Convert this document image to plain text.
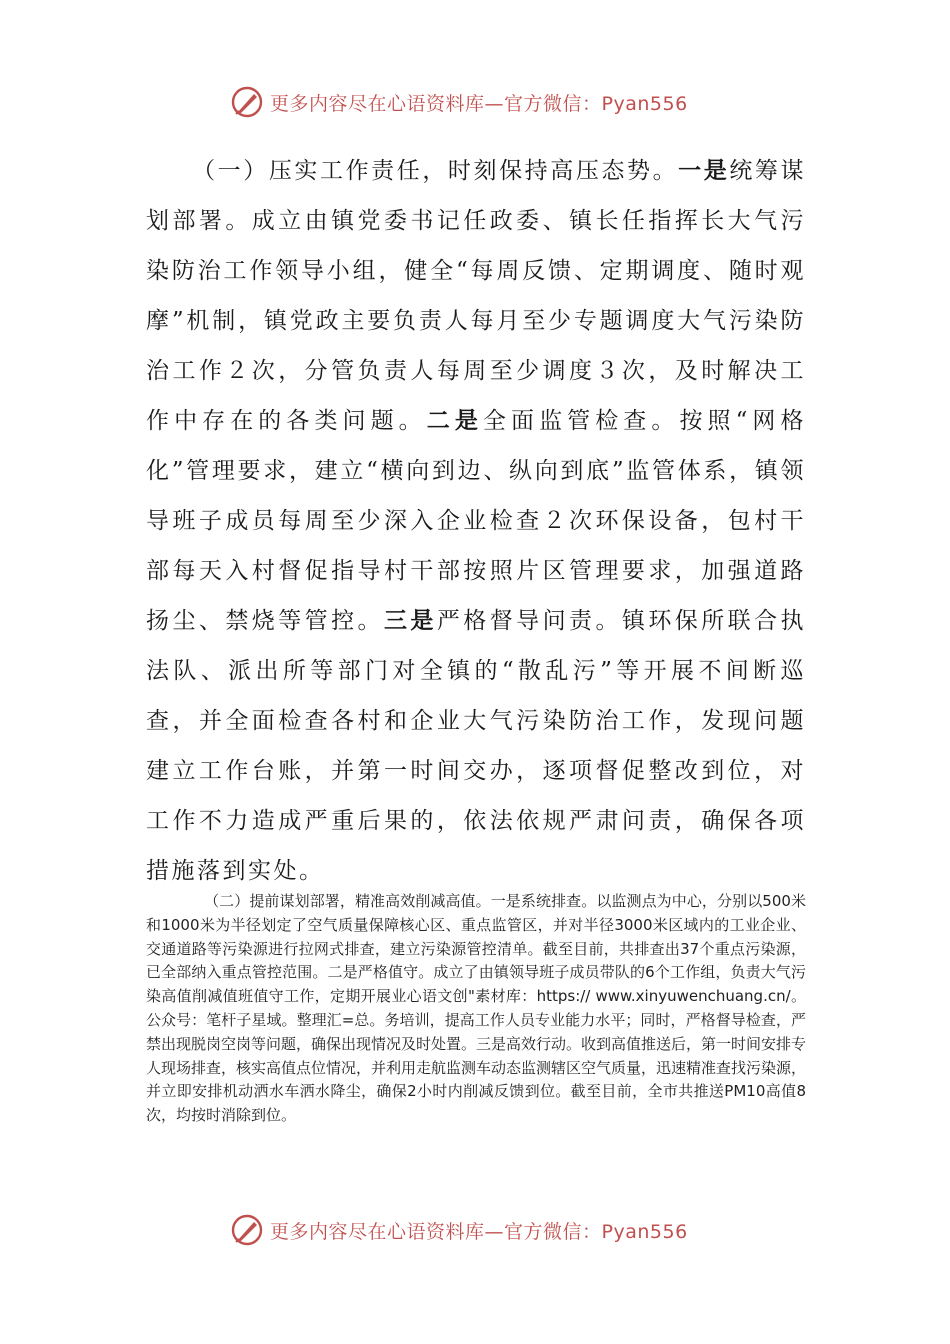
更多内容尽在心语资料库—官方微信：Pyan556
（一）压实工作责任，时刻保持高压态势。一是统筹谋划部署。成立由镇党委书记任政委、镇长任指挥长大气污染防治工作领导小组，健全“每周反馈、定期调度、随时观摩”机制，镇党政主要负责人每月至少专题调度大气污染防治工作２次，分管负责人每周至少调度３次，及时解决工作中存在的各类问题。二是全面监管检查。按照“网格化”管理要求，建立“横向到边、纵向到底”监管体系，镇领导班子成员每周至少深入企业检查２次环保设备，包村干部每天入村督促指导村干部按照片区管理要求，加强道路扬尘、禁烧等管控。三是严格督导问责。镇环保所联合执法队、派出所等部门对全镇的“散乱污”等开展不间断巡查，并全面检查各村和企业大气污染防治工作，发现问题建立工作台账，并第一时间交办，逐项督促整改到位，对工作不力造成严重后果的，依法依规严肃问责，确保各项措施落到实处。
（二）提前谋划部署，精准高效削减高值。一是系统排查。以监测点为中心，分别以500米和1000米为半径划定了空气质量保障核心区、重点监管区，并对半径3000米区域内的工业企业、交通道路等污染源进行拉网式排查，建立污染源管控清单。截至目前，共排查出37个重点污染源，已全部纳入重点管控范围。二是严格值守。成立了由镇领导班子成员带队的6个工作组，负责大气污染高值削减值班值守工作，定期开展业心语文创"素材库：https:// www.xinyuwenchuang.cn/。公众号：笔杆子星域。整理汇=总。务培训，提高工作人员专业能力水平；同时，严格督导检查，严禁出现脱岗空岗等问题，确保出现情况及时处置。三是高效行动。收到高值推送后，第一时间安排专人现场排查，核实高值点位情况，并利用走航监测车动态监测辖区空气质量，迅速精准查找污染源，并立即安排机动洒水车洒水降尘，确保2小时内削减反馈到位。截至目前，全市共推送PM10高值8次，均按时消除到位。
更多内容尽在心语资料库—官方微信：Pyan556
